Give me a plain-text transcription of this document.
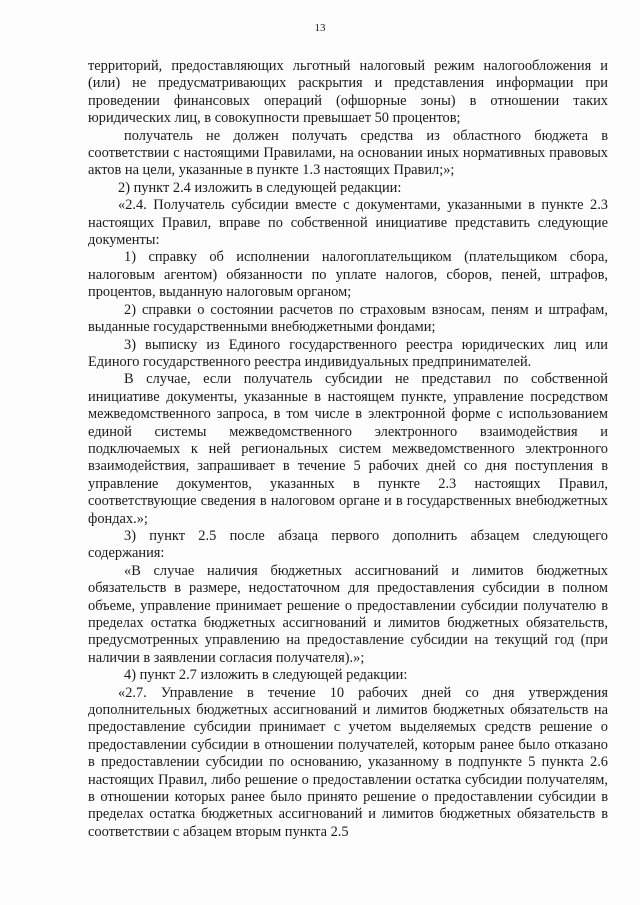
13

территорий, предоставляющих льготный налоговый режим налогообложения и (или) не предусматривающих раскрытия и представления информации при проведении финансовых операций (офшорные зоны) в отношении таких юридических лиц, в совокупности превышает 50 процентов;

получатель не должен получать средства из областного бюджета в соответствии с настоящими Правилами, на основании иных нормативных правовых актов на цели, указанные в пункте 1.3 настоящих Правил;»;

2) пункт 2.4 изложить в следующей редакции:

«2.4. Получатель субсидии вместе с документами, указанными в пункте 2.3 настоящих Правил, вправе по собственной инициативе представить следующие документы:

1) справку об исполнении налогоплательщиком (плательщиком сбора, налоговым агентом) обязанности по уплате налогов, сборов, пеней, штрафов, процентов, выданную налоговым органом;

2) справки о состоянии расчетов по страховым взносам, пеням и штрафам, выданные государственными внебюджетными фондами;

3) выписку из Единого государственного реестра юридических лиц или Единого государственного реестра индивидуальных предпринимателей.

В случае, если получатель субсидии не представил по собственной инициативе документы, указанные в настоящем пункте, управление посредством межведомственного запроса, в том числе в электронной форме с использованием единой системы межведомственного электронного взаимодействия и подключаемых к ней региональных систем межведомственного электронного взаимодействия, запрашивает в течение 5 рабочих дней со дня поступления в управление документов, указанных в пункте 2.3 настоящих Правил, соответствующие сведения в налоговом органе и в государственных внебюджетных фондах.»;

3) пункт 2.5 после абзаца первого дополнить абзацем следующего содержания:

«В случае наличия бюджетных ассигнований и лимитов бюджетных обязательств в размере, недостаточном для предоставления субсидии в полном объеме, управление принимает решение о предоставлении субсидии получателю в пределах остатка бюджетных ассигнований и лимитов бюджетных обязательств, предусмотренных управлению на предоставление субсидии на текущий год (при наличии в заявлении согласия получателя).»;

4) пункт 2.7 изложить в следующей редакции:

«2.7. Управление в течение 10 рабочих дней со дня утверждения дополнительных бюджетных ассигнований и лимитов бюджетных обязательств на предоставление субсидии принимает с учетом выделяемых средств решение о предоставлении субсидии в отношении получателей, которым ранее было отказано в предоставлении субсидии по основанию, указанному в подпункте 5 пункта 2.6 настоящих Правил, либо решение о предоставлении остатка субсидии получателям, в отношении которых ранее было принято решение о предоставлении субсидии в пределах остатка бюджетных ассигнований и лимитов бюджетных обязательств в соответствии с абзацем вторым пункта 2.5
